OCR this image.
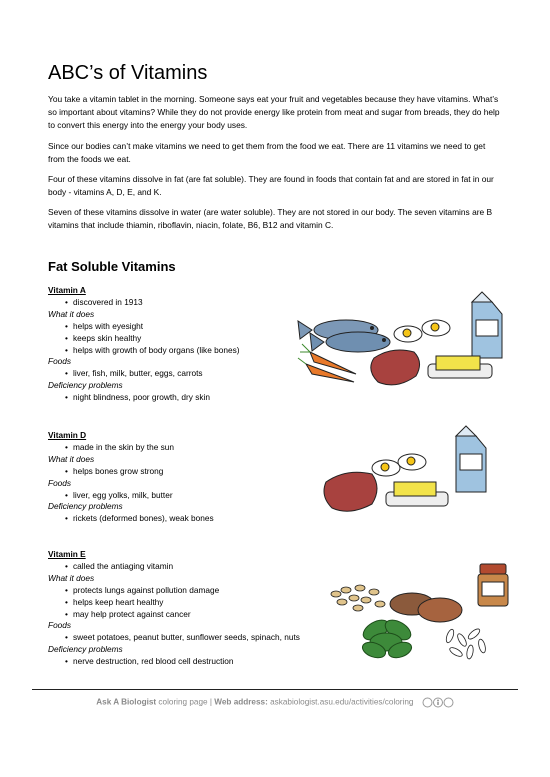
ABC’s of Vitamins

You take a vitamin tablet in the morning. Someone says eat your fruit and vegetables because they have vitamins. What’s so important about vitamins? While they do not provide energy like protein from meat and sugar from breads, they do help to convert this energy into the energy your body uses.

Since our bodies can’t make vitamins we need to get them from the food we eat. There are 11 vitamins we need to get from the foods we eat.

Four of these vitamins dissolve in fat (are fat soluble). They are found in foods that contain fat and are stored in fat in our body - vitamins A, D, E, and K.

Seven of these vitamins dissolve in water (are water soluble). They are not stored in our body. The seven vitamins are B vitamins that include thiamin, riboflavin, niacin, folate, B6, B12 and vitamin C.

Fat Soluble Vitamins
Vitamin A
• discovered in 1913
What it does
• helps with eyesight
• keeps skin healthy
• helps with growth of body organs (like bones)
Foods
• liver, fish, milk, butter, eggs, carrots
Deficiency problems
• night blindness, poor growth, dry skin
Vitamin D
• made in the skin by the sun
What it does
• helps bones grow strong
Foods
• liver, egg yolks, milk, butter
Deficiency problems
• rickets (deformed bones), weak bones
Vitamin E
• called the antiaging vitamin
What it does
• protects lungs against pollution damage
• helps keep heart healthy
• may help protect against cancer
Foods
• sweet potatoes, peanut butter, sunflower seeds, spinach, nuts
Deficiency problems
• nerve destruction, red blood cell destruction
Ask A Biologist coloring page | Web address: askabiologist.asu.edu/activities/coloring
